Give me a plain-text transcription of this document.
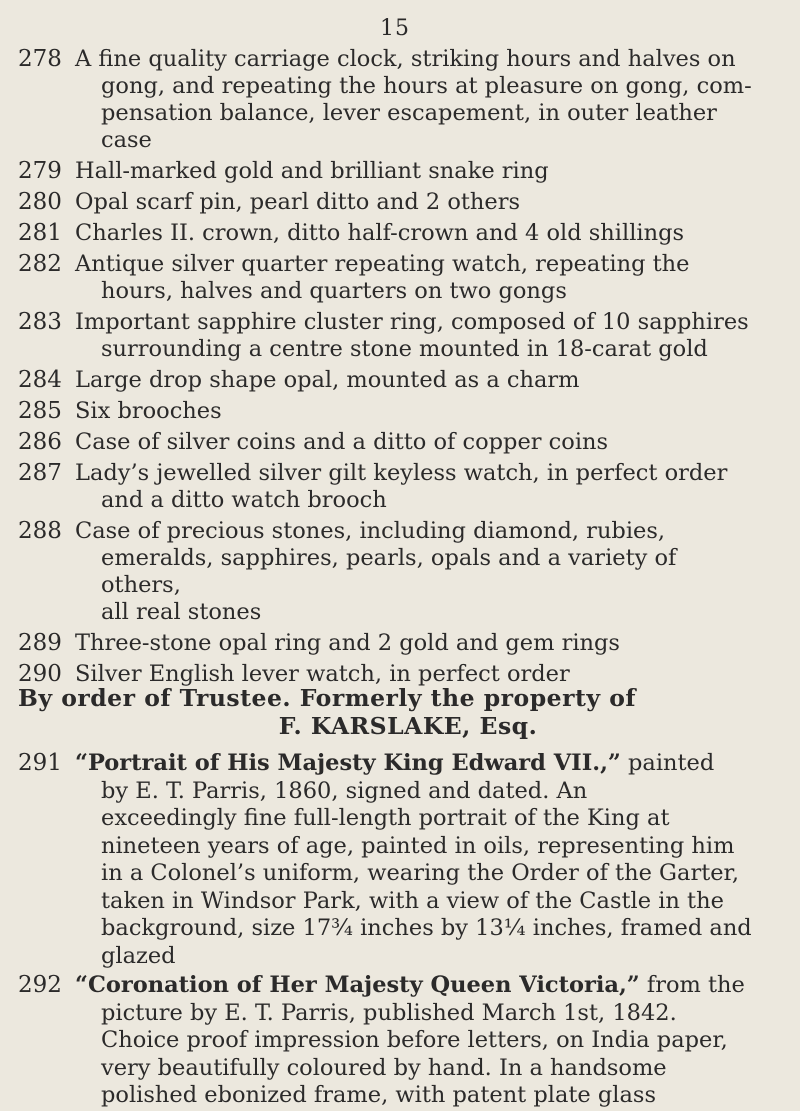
15
278 A fine quality carriage clock, striking hours and halves on
gong, and repeating the hours at pleasure on gong, com-
pensation balance, lever escapement, in outer leather
case
279 Hall-marked gold and brilliant snake ring
280 Opal scarf pin, pearl ditto and 2 others
281 Charles II. crown, ditto half-crown and 4 old shillings
282 Antique silver quarter repeating watch, repeating the
hours, halves and quarters on two gongs
283 Important sapphire cluster ring, composed of 10 sapphires
surrounding a centre stone mounted in 18-carat gold
284 Large drop shape opal, mounted as a charm
285 Six brooches
286 Case of silver coins and a ditto of copper coins
287 Lady’s jewelled silver gilt keyless watch, in perfect order
and a ditto watch brooch
288 Case of precious stones, including diamond, rubies,
emeralds, sapphires, pearls, opals and a variety of others,
all real stones
289 Three-stone opal ring and 2 gold and gem rings
290 Silver English lever watch, in perfect order
By order of Trustee. Formerly the property of
F. KARSLAKE, Esq.
291 “Portrait of His Majesty King Edward VII.,” painted
by E. T. Parris, 1860, signed and dated. An
exceedingly fine full-length portrait of the King at
nineteen years of age, painted in oils, representing him
in a Colonel’s uniform, wearing the Order of the Garter,
taken in Windsor Park, with a view of the Castle in the
background, size 17¾ inches by 13¼ inches, framed and
glazed
292 “Coronation of Her Majesty Queen Victoria,” from the
picture by E. T. Parris, published March 1st, 1842.
Choice proof impression before letters, on India paper,
very beautifully coloured by hand. In a handsome
polished ebonized frame, with patent plate glass
